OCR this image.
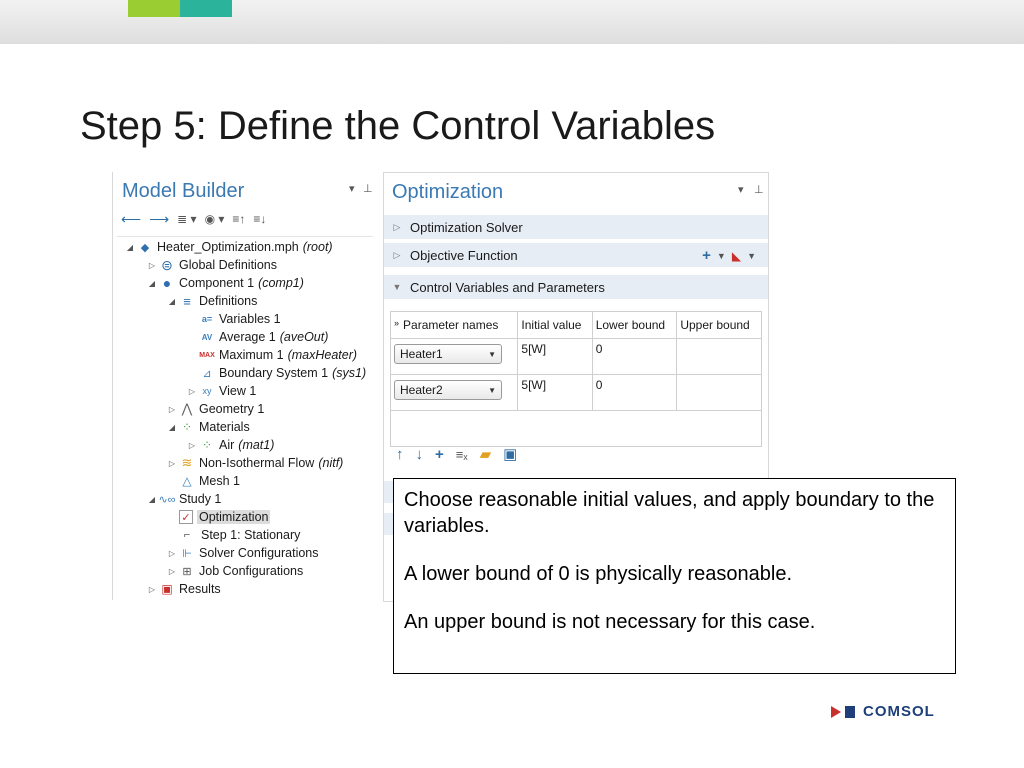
Step 5: Define the Control Variables
Model Builder	▾ ⊥
⟵ ⟶ ≣ ▾ ◉ ▾ ≡↑ ≡↓
◢ ◆ Heater_Optimization.mph (root)
▷ ⊜ Global Definitions
◢ ● Component 1 (comp1)
◢ ≡ Definitions
a= Variables 1
AV Average 1 (aveOut)
MAX Maximum 1 (maxHeater)
⊿ Boundary System 1 (sys1)
▷ xy View 1
▷ ⋀ Geometry 1
◢ ⁘ Materials
▷ ⁘ Air (mat1)
▷ ≋ Non-Isothermal Flow (nitf)
△ Mesh 1
◢ ∿∞ Study 1
✓ Optimization
⌐ Step 1: Stationary
▷ ⊩ Solver Configurations
▷ ⊞ Job Configurations
▷ ▣ Results
Optimization	▾ ⊥
▷ Optimization Solver
▷ Objective Function	+ ▼ ◣ ▼
▼ Control Variables and Parameters
» Parameter names	Initial value	Lower bound	Upper bound

Heater1 ▼	5[W]	0	

Heater2 ▼	5[W]	0	

↑ ↓ + ≡ₓ ▰ ▣

Choose reasonable initial values, and apply boundary to the variables.

A lower bound of 0 is physically reasonable.

An upper bound is not necessary for this case.

COMSOL
